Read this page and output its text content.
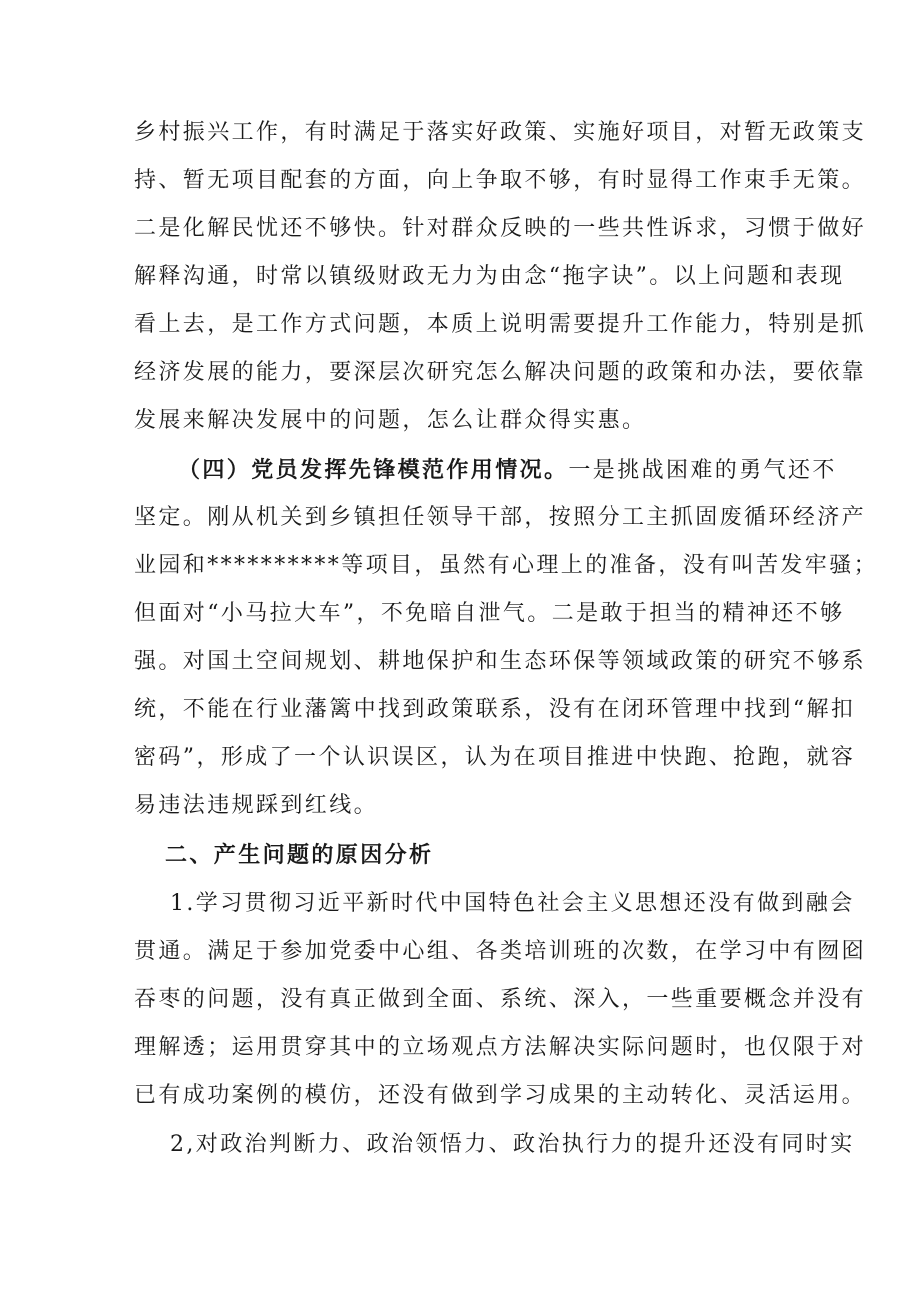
乡村振兴工作，有时满足于落实好政策、实施好项目，对暂无政策支
持、暂无项目配套的方面，向上争取不够，有时显得工作束手无策。
二是化解民忧还不够快。针对群众反映的一些共性诉求，习惯于做好
解释沟通，时常以镇级财政无力为由念“拖字诀”。以上问题和表现
看上去，是工作方式问题，本质上说明需要提升工作能力，特别是抓
经济发展的能力，要深层次研究怎么解决问题的政策和办法，要依靠
发展来解决发展中的问题，怎么让群众得实惠。
（四）党员发挥先锋模范作用情况。一是挑战困难的勇气还不
坚定。刚从机关到乡镇担任领导干部，按照分工主抓固废循环经济产
业园和**********等项目，虽然有心理上的准备，没有叫苦发牢骚；
但面对“小马拉大车”，不免暗自泄气。二是敢于担当的精神还不够
强。对国土空间规划、耕地保护和生态环保等领域政策的研究不够系
统，不能在行业藩篱中找到政策联系，没有在闭环管理中找到“解扣
密码”，形成了一个认识误区，认为在项目推进中快跑、抢跑，就容
易违法违规踩到红线。
二、产生问题的原因分析
1.学习贯彻习近平新时代中国特色社会主义思想还没有做到融会
贯通。满足于参加党委中心组、各类培训班的次数，在学习中有囫囵
吞枣的问题，没有真正做到全面、系统、深入，一些重要概念并没有
理解透；运用贯穿其中的立场观点方法解决实际问题时，也仅限于对
已有成功案例的模仿，还没有做到学习成果的主动转化、灵活运用。
2,对政治判断力、政治领悟力、政治执行力的提升还没有同时实
